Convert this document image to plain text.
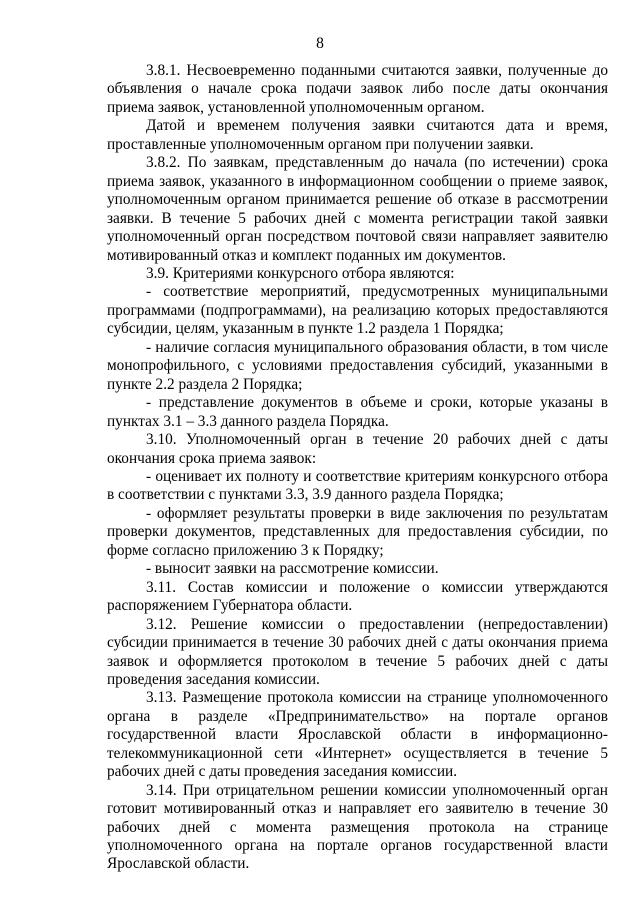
8

3.8.1. Несвоевременно поданными считаются заявки, полученные до объявления о начале срока подачи заявок либо после даты окончания приема заявок, установленной уполномоченным органом.

Датой и временем получения заявки считаются дата и время, проставленные уполномоченным органом при получении заявки.

3.8.2. По заявкам, представленным до начала (по истечении) срока приема заявок, указанного в информационном сообщении о приеме заявок, уполномоченным органом принимается решение об отказе в рассмотрении заявки. В течение 5 рабочих дней с момента регистрации такой заявки уполномоченный орган посредством почтовой связи направляет заявителю мотивированный отказ и комплект поданных им документов.

3.9. Критериями конкурсного отбора являются:

- соответствие мероприятий, предусмотренных муниципальными программами (подпрограммами), на реализацию которых предоставляются субсидии, целям, указанным в пункте 1.2 раздела 1 Порядка;

- наличие согласия муниципального образования области, в том числе монопрофильного, с условиями предоставления субсидий, указанными в пункте 2.2 раздела 2 Порядка;

- представление документов в объеме и сроки, которые указаны в пунктах 3.1 – 3.3 данного раздела Порядка.

3.10. Уполномоченный орган в течение 20 рабочих дней с даты окончания срока приема заявок:

- оценивает их полноту и соответствие критериям конкурсного отбора в соответствии с пунктами 3.3, 3.9 данного раздела Порядка;

- оформляет результаты проверки в виде заключения по результатам проверки документов, представленных для предоставления субсидии, по форме согласно приложению 3 к Порядку;

- выносит заявки на рассмотрение комиссии.

3.11. Состав комиссии и положение о комиссии утверждаются распоряжением Губернатора области.

3.12. Решение комиссии о предоставлении (непредоставлении) субсидии принимается в течение 30 рабочих дней с даты окончания приема заявок и оформляется протоколом в течение 5 рабочих дней с даты проведения заседания комиссии.

3.13. Размещение протокола комиссии на странице уполномоченного органа в разделе «Предпринимательство» на портале органов государственной власти Ярославской области в информационно-телекоммуникационной сети «Интернет» осуществляется в течение 5 рабочих дней с даты проведения заседания комиссии.

3.14. При отрицательном решении комиссии уполномоченный орган готовит мотивированный отказ и направляет его заявителю в течение 30 рабочих дней с момента размещения протокола на странице уполномоченного органа на портале органов государственной власти Ярославской области.
